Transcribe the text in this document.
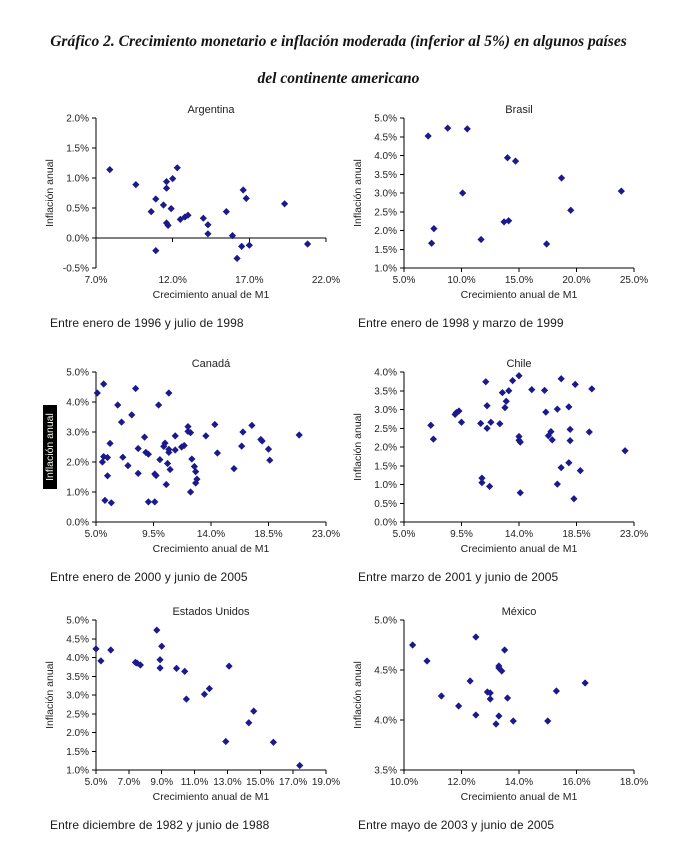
Gráfico 2. Crecimiento monetario e inflación moderada (inferior al 5%) en algunos países
del continente americano
Argentina
2.0%
1.5%
1.0%
0.5%
0.0%
-0.5%
7.0%	12.0%	17.0%	22.0%
Crecimiento anual de M1
Inflación anual
Entre enero de 1996 y julio de 1998
Brasil
5.0%
4.5%
4.0%
3.5%
3.0%
2.5%
2.0%
1.5%
1.0%
5.0%	10.0%	15.0%	20.0%	25.0%
Crecimiento anual de M1
Inflación anual
Entre enero de 1998 y marzo de 1999
Canadá
5.0%
4.0%
3.0%
2.0%
1.0%
0.0%
5.0%	9.5%	14.0%	18.5%	23.0%
Crecimiento anual de M1
Inflación anual
Entre enero de 2000 y junio de 2005
Chile
4.0%
3.5%
3.0%
2.5%
2.0%
1.5%
1.0%
0.5%
0.0%
5.0%	9.5%	14.0%	18.5%	23.0%
Crecimiento anual de M1
Inflación anual
Entre marzo de 2001 y junio de 2005
Estados Unidos
5.0%
4.5%
4.0%
3.5%
3.0%
2.5%
2.0%
1.5%
1.0%
5.0% 7.0% 9.0% 11.0% 13.0% 15.0% 17.0% 19.0%
Crecimiento anual de M1
Inflación anual
Entre diciembre de 1982 y junio de 1988
México
5.0%
4.5%
4.0%
3.5%
10.0%	12.0%	14.0%	16.0%	18.0%
Crecimiento anual de M1
Inflación anual
Entre mayo de 2003 y junio de 2005
